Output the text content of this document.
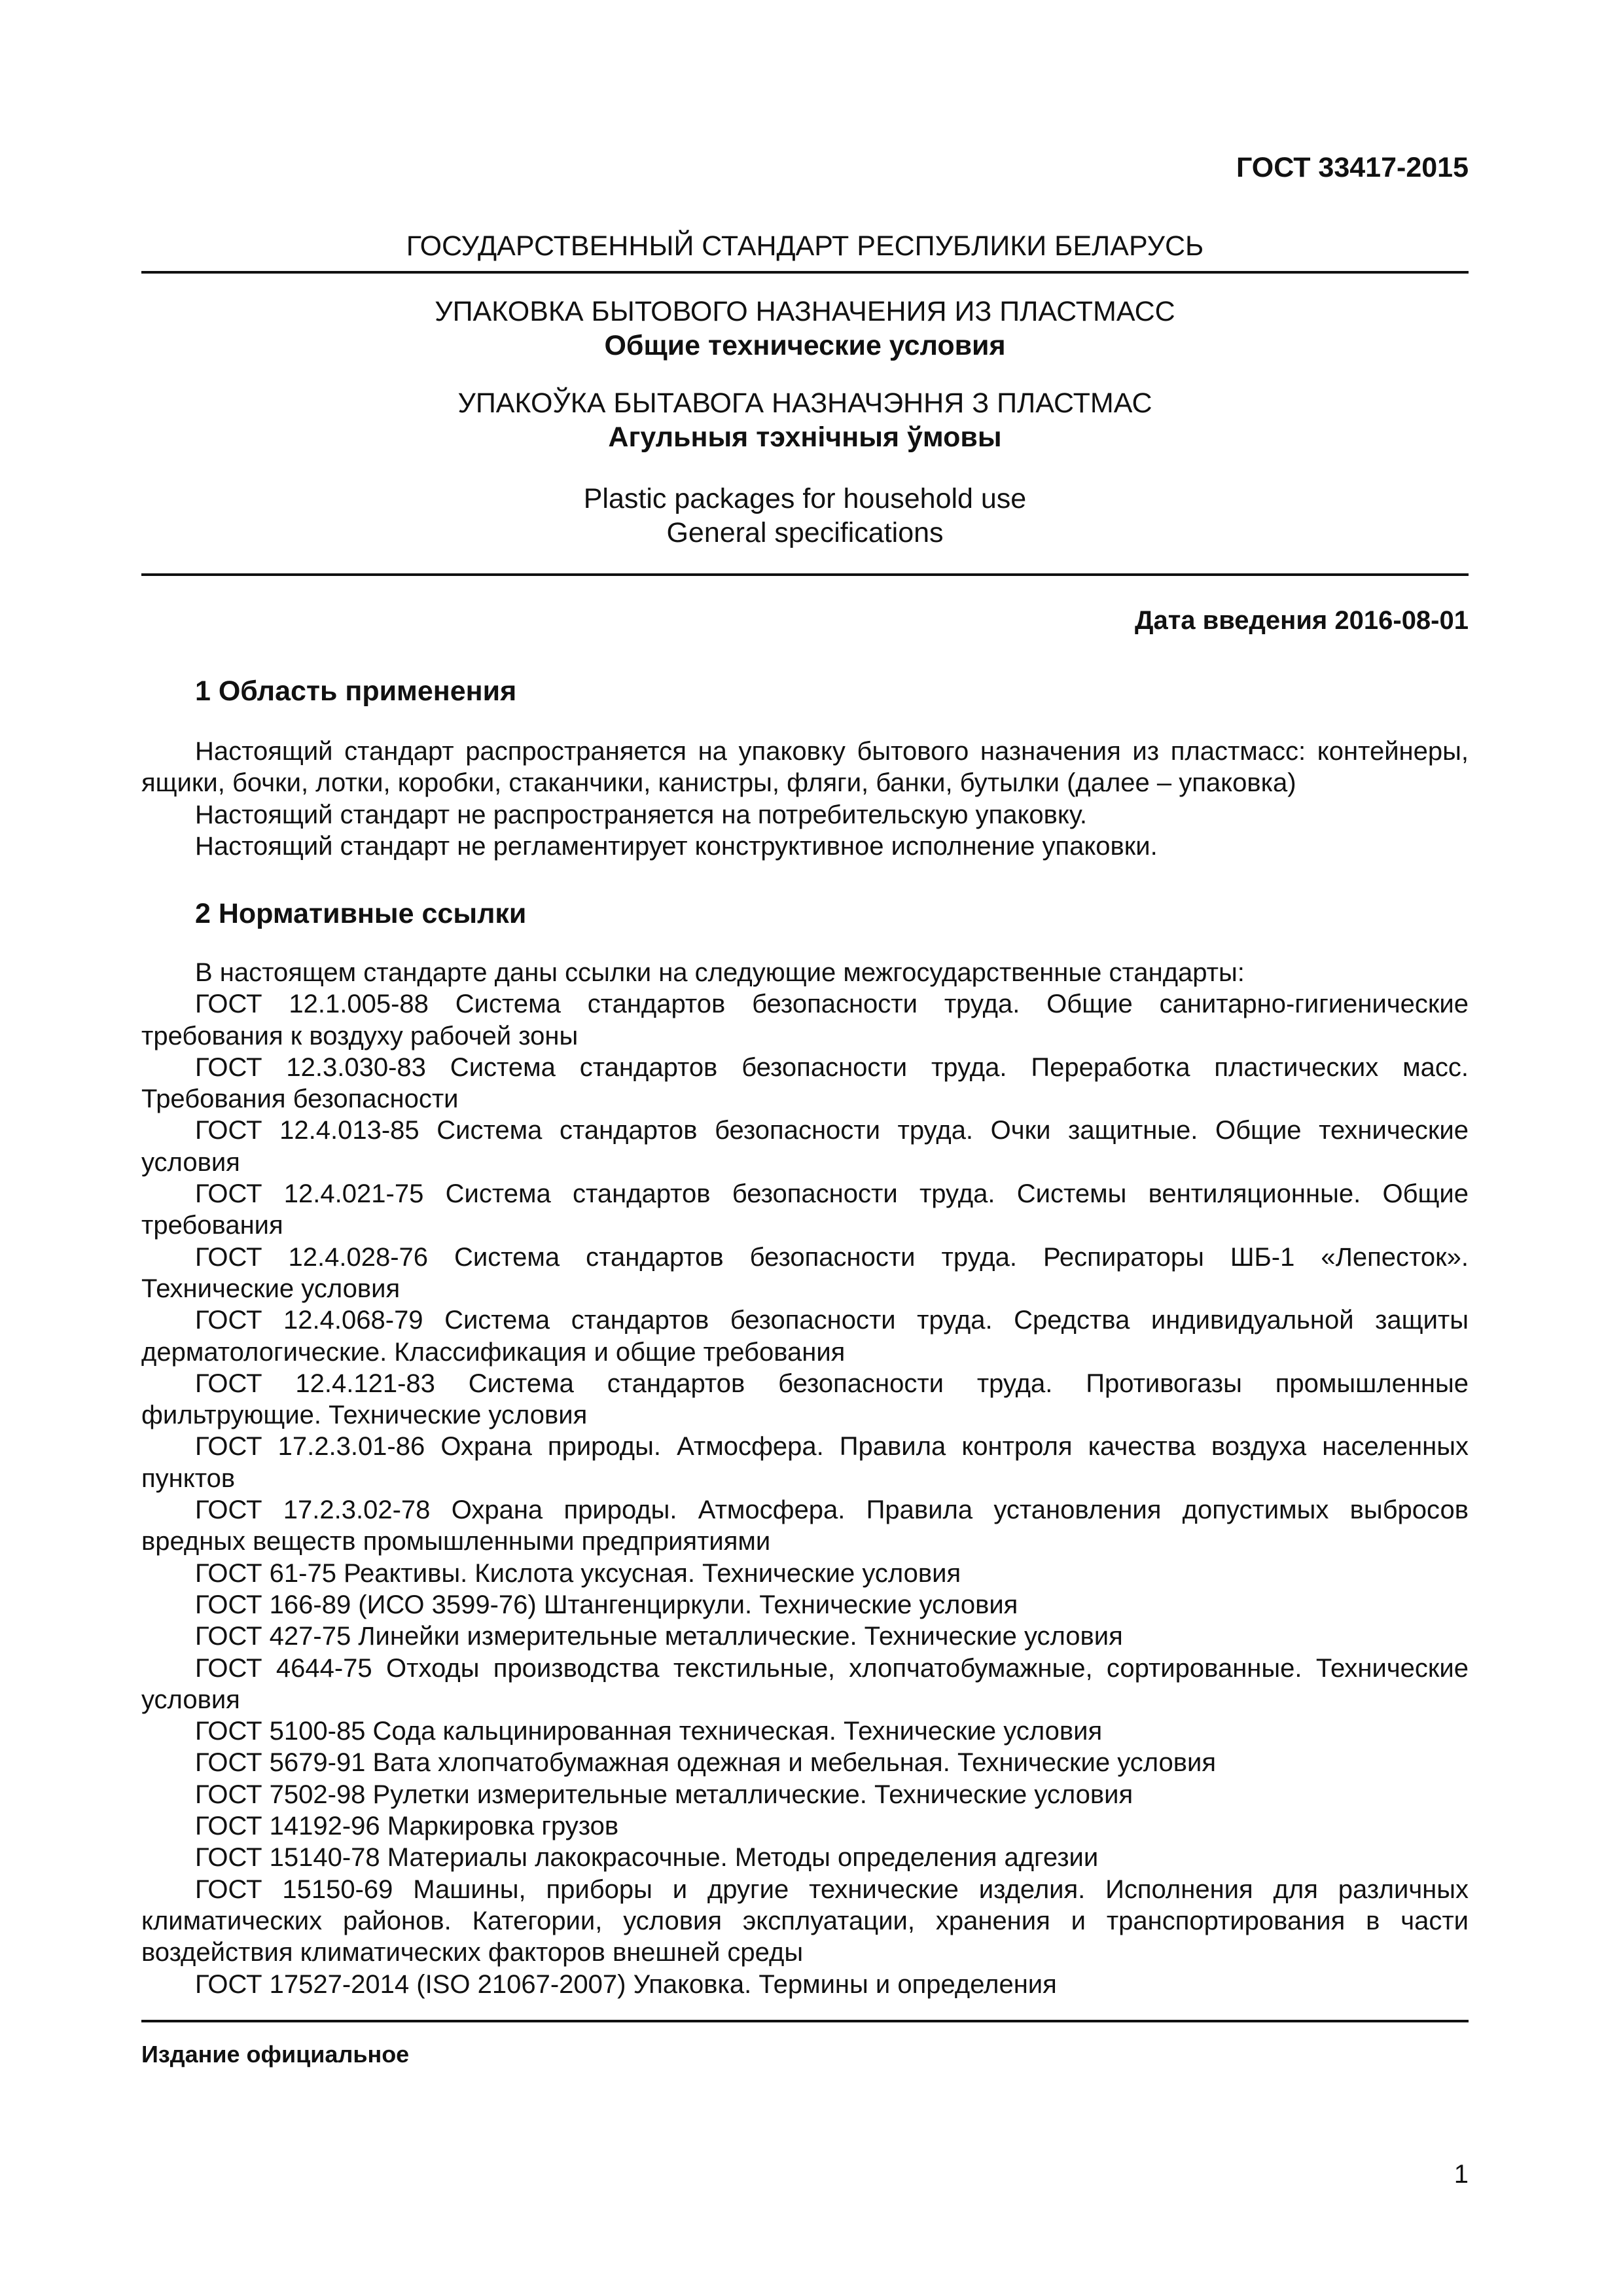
ГОСТ 33417-2015

ГОСУДАРСТВЕННЫЙ СТАНДАРТ РЕСПУБЛИКИ БЕЛАРУСЬ

УПАКОВКА БЫТОВОГО НАЗНАЧЕНИЯ ИЗ ПЛАСТМАСС

Общие технические условия

УПАКОЎКА БЫТАВОГА НАЗНАЧЭННЯ З ПЛАСТМАС

Агульныя тэхнічныя ўмовы

Plastic packages for household use

General specifications

Дата введения 2016-08-01

1 Область применения

Настоящий стандарт распространяется на упаковку бытового назначения из пластмасс: контейнеры, ящики, бочки, лотки, коробки, стаканчики, канистры, фляги, банки, бутылки (далее – упаковка)

Настоящий стандарт не распространяется на потребительскую упаковку.

Настоящий стандарт не регламентирует конструктивное исполнение упаковки.

2 Нормативные ссылки

В настоящем стандарте даны ссылки на следующие межгосударственные стандарты:

ГОСТ 12.1.005-88 Система стандартов безопасности труда. Общие санитарно-гигиенические требования к воздуху рабочей зоны

ГОСТ 12.3.030-83 Система стандартов безопасности труда. Переработка пластических масс. Требования безопасности

ГОСТ 12.4.013-85 Система стандартов безопасности труда. Очки защитные. Общие технические условия

ГОСТ 12.4.021-75 Система стандартов безопасности труда. Системы вентиляционные. Общие требования

ГОСТ 12.4.028-76 Система стандартов безопасности труда. Респираторы ШБ-1 «Лепесток». Технические условия

ГОСТ 12.4.068-79 Система стандартов безопасности труда. Средства индивидуальной защиты дерматологические. Классификация и общие требования

ГОСТ 12.4.121-83 Система стандартов безопасности труда. Противогазы промышленные фильтрующие. Технические условия

ГОСТ 17.2.3.01-86 Охрана природы. Атмосфера. Правила контроля качества воздуха населенных пунктов

ГОСТ 17.2.3.02-78 Охрана природы. Атмосфера. Правила установления допустимых выбросов вредных веществ промышленными предприятиями

ГОСТ 61-75 Реактивы. Кислота уксусная. Технические условия

ГОСТ 166-89 (ИСО 3599-76) Штангенциркули. Технические условия

ГОСТ 427-75 Линейки измерительные металлические. Технические условия

ГОСТ 4644-75 Отходы производства текстильные, хлопчатобумажные, сортированные. Технические условия

ГОСТ 5100-85 Сода кальцинированная техническая. Технические условия

ГОСТ 5679-91 Вата хлопчатобумажная одежная и мебельная. Технические условия

ГОСТ 7502-98 Рулетки измерительные металлические. Технические условия

ГОСТ 14192-96 Маркировка грузов

ГОСТ 15140-78 Материалы лакокрасочные. Методы определения адгезии

ГОСТ 15150-69 Машины, приборы и другие технические изделия. Исполнения для различных климатических районов. Категории, условия эксплуатации, хранения и транспортирования в части воздействия климатических факторов внешней среды

ГОСТ 17527-2014 (ISO 21067-2007) Упаковка. Термины и определения

Издание официальное

1
